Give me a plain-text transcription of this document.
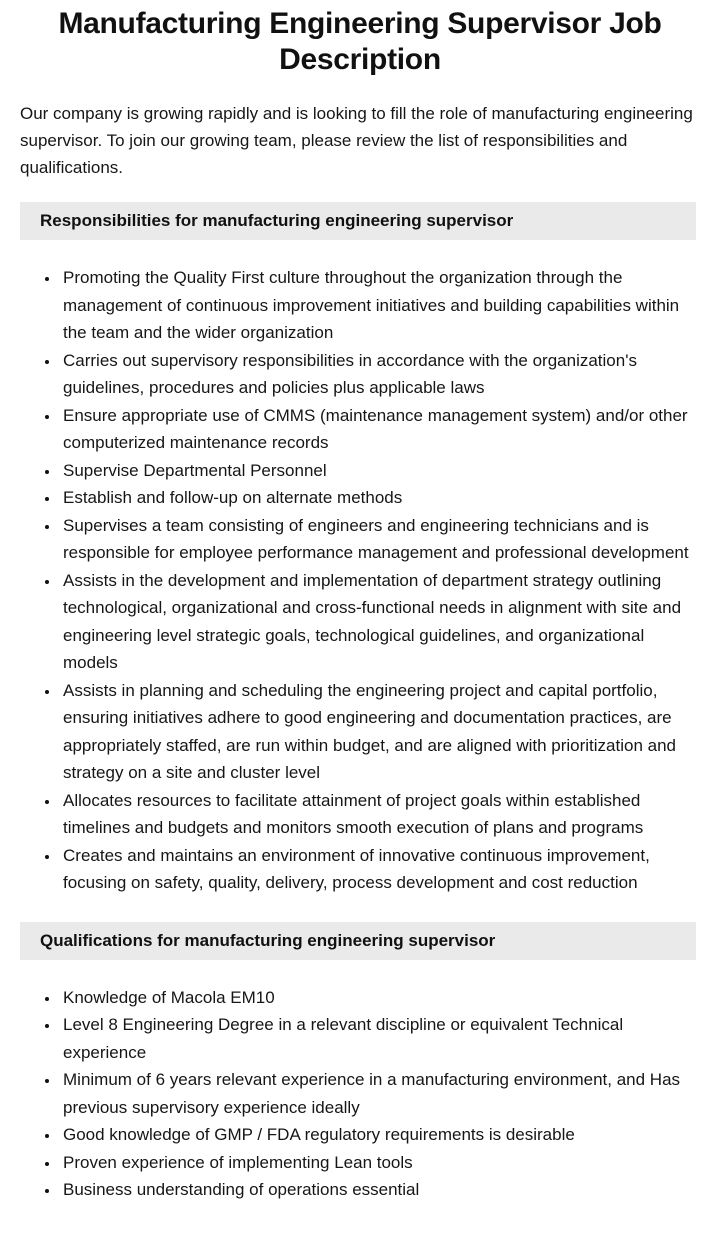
Manufacturing Engineering Supervisor Job Description

Our company is growing rapidly and is looking to fill the role of manufacturing engineering supervisor. To join our growing team, please review the list of responsibilities and qualifications.

Responsibilities for manufacturing engineering supervisor
• Promoting the Quality First culture throughout the organization through the management of continuous improvement initiatives and building capabilities within the team and the wider organization
• Carries out supervisory responsibilities in accordance with the organization's guidelines, procedures and policies plus applicable laws
• Ensure appropriate use of CMMS (maintenance management system) and/or other computerized maintenance records
• Supervise Departmental Personnel
• Establish and follow-up on alternate methods
• Supervises a team consisting of engineers and engineering technicians and is responsible for employee performance management and professional development
• Assists in the development and implementation of department strategy outlining technological, organizational and cross-functional needs in alignment with site and engineering level strategic goals, technological guidelines, and organizational models
• Assists in planning and scheduling the engineering project and capital portfolio, ensuring initiatives adhere to good engineering and documentation practices, are appropriately staffed, are run within budget, and are aligned with prioritization and strategy on a site and cluster level
• Allocates resources to facilitate attainment of project goals within established timelines and budgets and monitors smooth execution of plans and programs
• Creates and maintains an environment of innovative continuous improvement, focusing on safety, quality, delivery, process development and cost reduction
Qualifications for manufacturing engineering supervisor
• Knowledge of Macola EM10
• Level 8 Engineering Degree in a relevant discipline or equivalent Technical experience
• Minimum of 6 years relevant experience in a manufacturing environment, and Has previous supervisory experience ideally
• Good knowledge of GMP / FDA regulatory requirements is desirable
• Proven experience of implementing Lean tools
• Business understanding of operations essential
